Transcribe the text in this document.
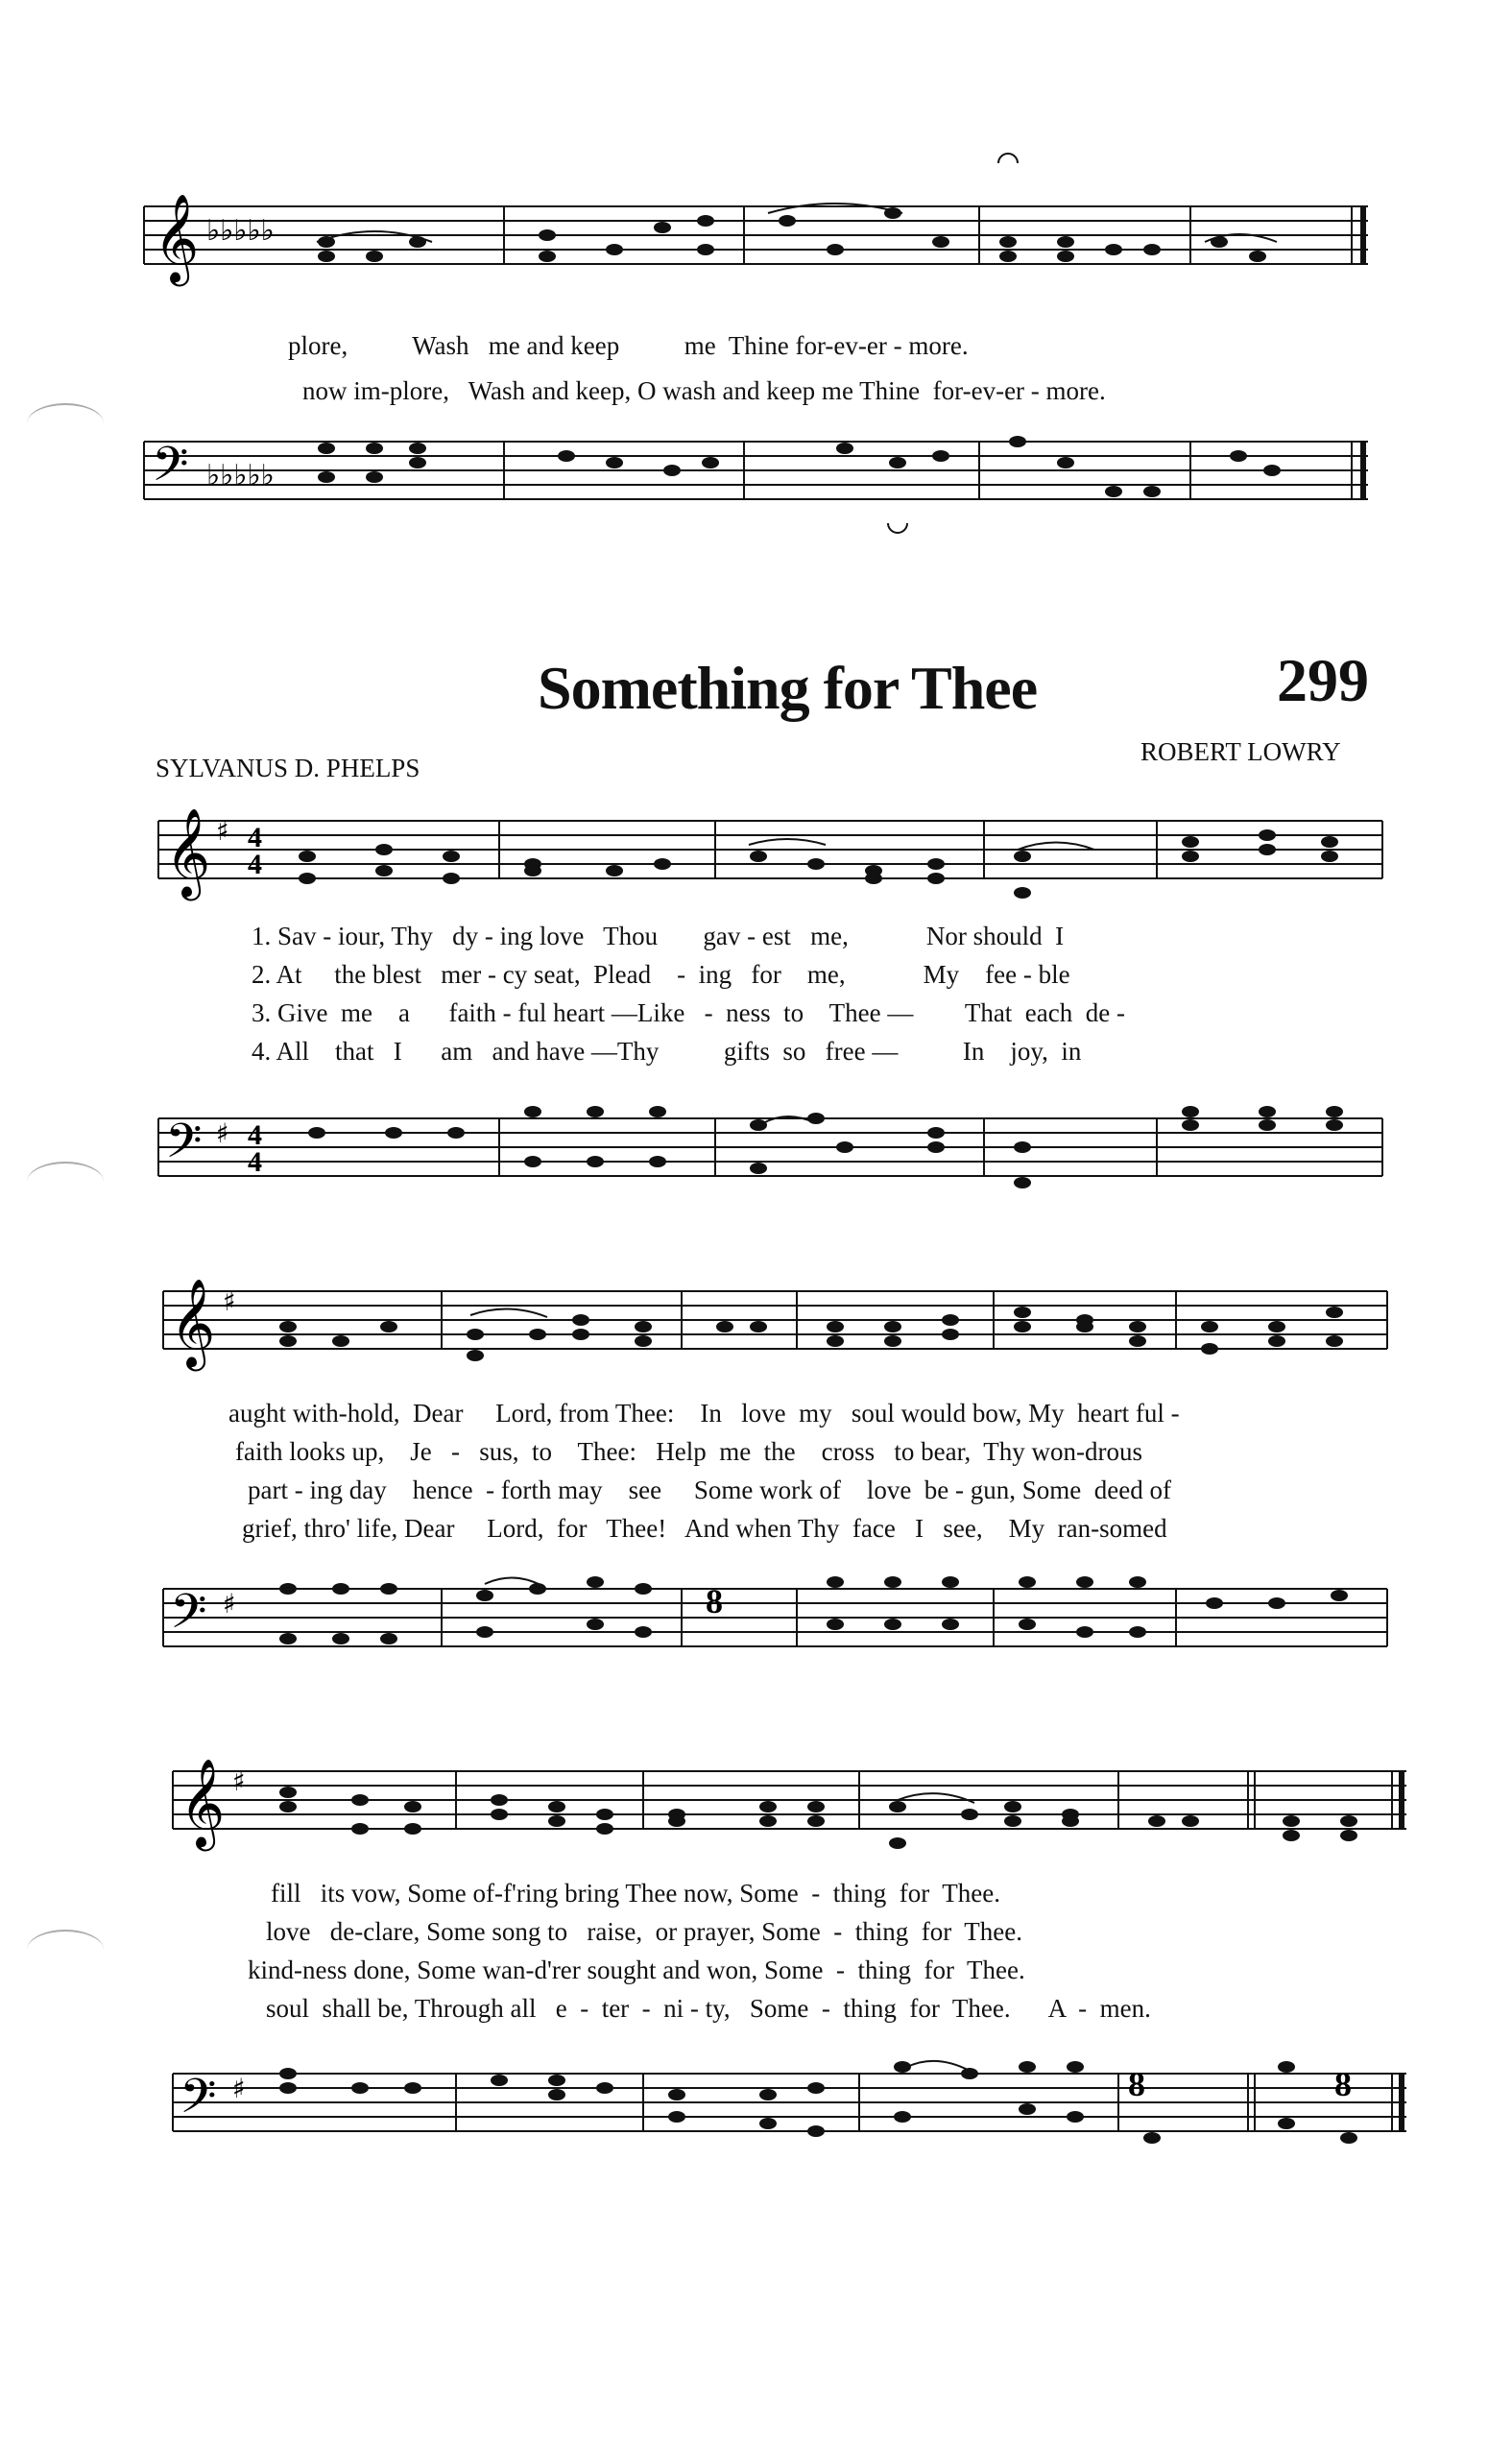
𝄞 ♭♭♭♭♭
plore,          Wash   me and keep          me  Thine for-ev-er - more.
now im-plore,   Wash and keep, O wash and keep me Thine  for-ev-er - more.
𝄢 ♭♭♭♭♭
Something for Thee	299
SYLVANUS D. PHELPS
ROBERT LOWRY
𝄞 ♯ 4
4
1. Sav - iour, Thy   dy - ing love   Thou       gav - est   me,            Nor should  I
2. At     the blest   mer - cy seat,  Plead    -  ing   for    me,            My    fee - ble
3. Give  me    a      faith - ful heart —Like   -  ness  to    Thee —        That  each  de -
4. All    that   I      am   and have —Thy          gifts  so   free —          In    joy,  in
𝄢 ♯ 4
4
𝄞 ♯
aught with-hold,  Dear     Lord, from Thee:    In   love  my   soul would bow, My  heart ful -
faith looks up,    Je   -   sus,  to    Thee:   Help  me  the    cross   to bear,  Thy won-drous
part - ing day    hence  - forth may    see     Some work of    love  be - gun, Some  deed of
grief, thro' life, Dear     Lord,  for   Thee!   And when Thy  face   I   see,    My  ran-somed
𝄢 ♯	8
𝄞 ♯
fill   its vow, Some of-f'ring bring Thee now, Some  -  thing  for  Thee.
love   de-clare, Some song to   raise,  or prayer, Some  -  thing  for  Thee.
kind-ness done, Some wan-d'rer sought and won, Some  -  thing  for  Thee.
soul  shall be, Through all   e  -  ter  -  ni - ty,   Some  -  thing  for  Thee.      A  -  men.
𝄢 ♯	8	8
